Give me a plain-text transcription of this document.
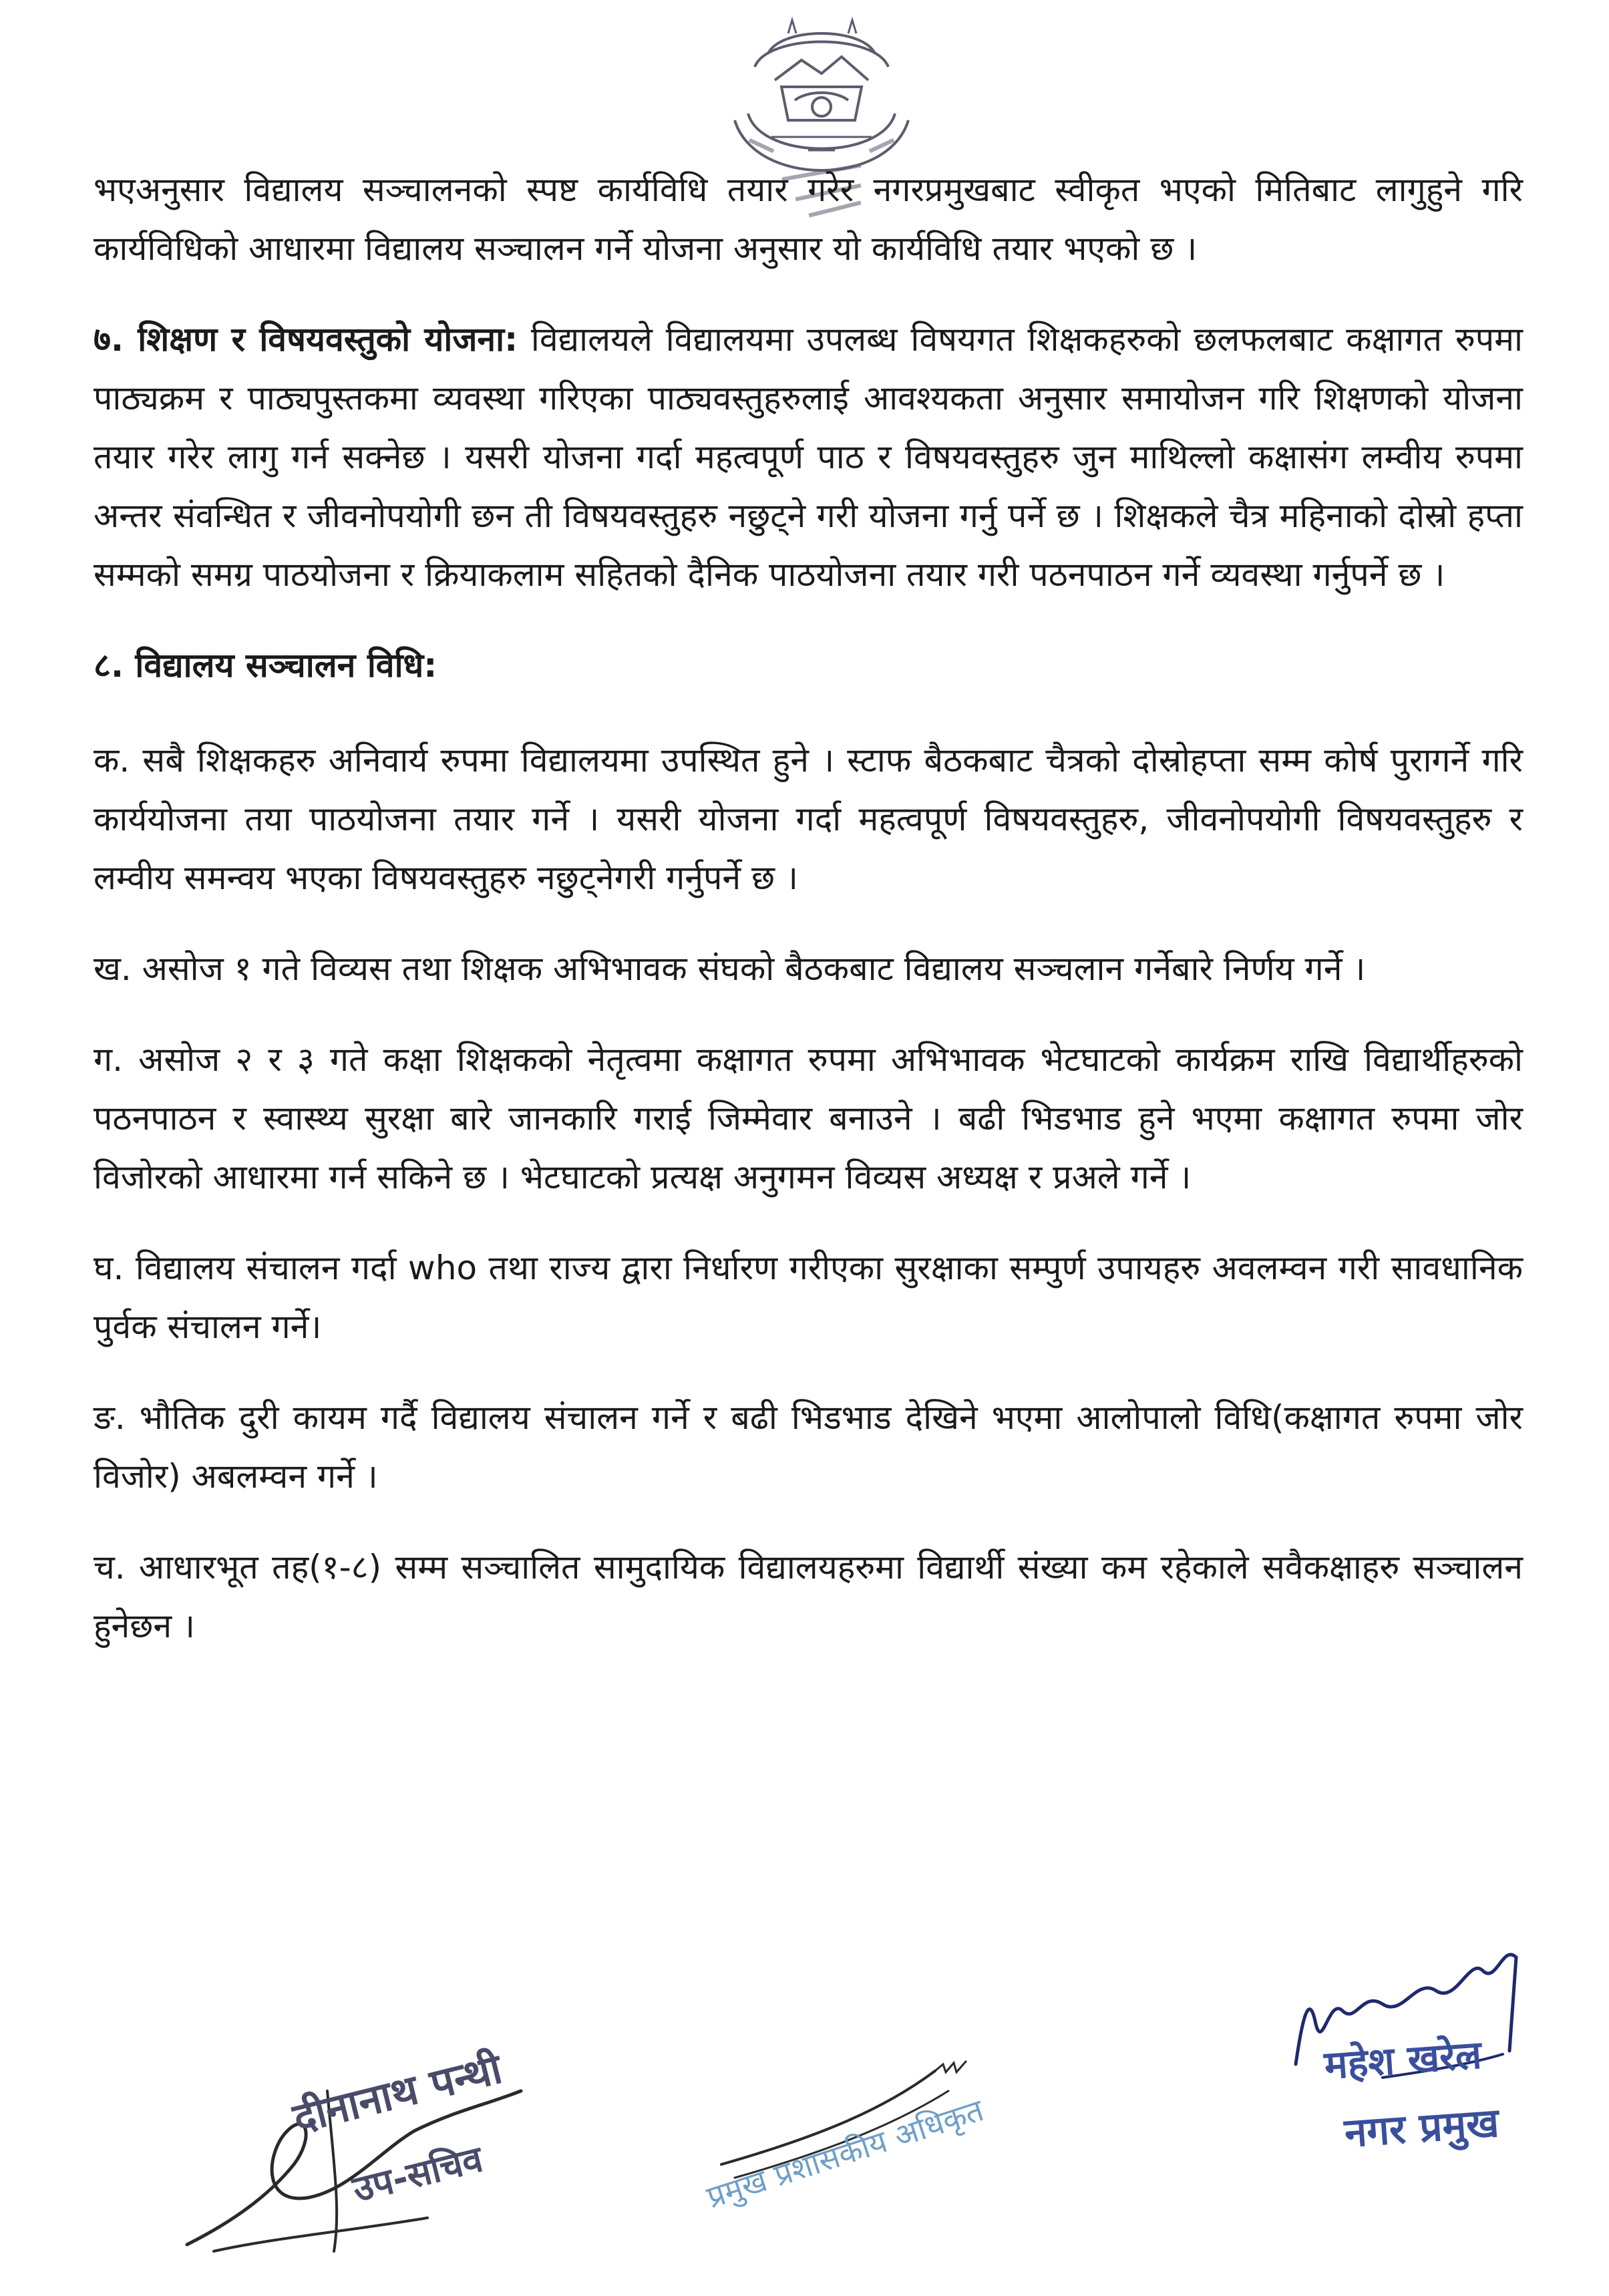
भएअनुसार विद्यालय सञ्चालनको स्पष्ट कार्यविधि तयार गरेर नगरप्रमुखबाट स्वीकृत भएको मितिबाट लागुहुने गरि कार्यविधिको आधारमा विद्यालय सञ्चालन गर्ने योजना अनुसार यो कार्यविधि तयार भएको छ ।

७. शिक्षण र विषयवस्तुको योजना: विद्यालयले विद्यालयमा उपलब्ध विषयगत शिक्षकहरुको छलफलबाट कक्षागत रुपमा पाठ्यक्रम र पाठ्यपुस्तकमा व्यवस्था गरिएका पाठ्यवस्तुहरुलाई आवश्यकता अनुसार समायोजन गरि शिक्षणको योजना तयार गरेर लागु गर्न सक्नेछ । यसरी योजना गर्दा महत्वपूर्ण पाठ र विषयवस्तुहरु जुन माथिल्लो कक्षासंग लम्वीय रुपमा अन्तर संवन्धित र जीवनोपयोगी छन ती विषयवस्तुहरु नछुट्ने गरी योजना गर्नु पर्ने छ । शिक्षकले चैत्र महिनाको दोस्रो हप्ता सम्मको समग्र पाठयोजना र क्रियाकलाम सहितको दैनिक पाठयोजना तयार गरी पठनपाठन गर्ने व्यवस्था गर्नुपर्ने छ ।

८. विद्यालय सञ्चालन विधि:

क. सबै शिक्षकहरु अनिवार्य रुपमा विद्यालयमा उपस्थित हुने । स्टाफ बैठकबाट चैत्रको दोस्रोहप्ता सम्म कोर्ष पुरागर्ने गरि कार्ययोजना तया पाठयोजना तयार गर्ने । यसरी योजना गर्दा महत्वपूर्ण विषयवस्तुहरु, जीवनोपयोगी विषयवस्तुहरु र लम्वीय समन्वय भएका विषयवस्तुहरु नछुट्नेगरी गर्नुपर्ने छ ।

ख. असोज १ गते विव्यस तथा शिक्षक अभिभावक संघको बैठकबाट विद्यालय सञ्चलान गर्नेबारे निर्णय गर्ने ।

ग. असोज २ र ३ गते कक्षा शिक्षकको नेतृत्वमा कक्षागत रुपमा अभिभावक भेटघाटको कार्यक्रम राखि विद्यार्थीहरुको पठनपाठन र स्वास्थ्य सुरक्षा बारे जानकारि गराई जिम्मेवार बनाउने । बढी भिडभाड हुने भएमा कक्षागत रुपमा जोर विजोरको आधारमा गर्न सकिने छ । भेटघाटको प्रत्यक्ष अनुगमन विव्यस अध्यक्ष र प्रअले गर्ने ।

घ. विद्यालय संचालन गर्दा who तथा राज्य द्वारा निर्धारण गरीएका सुरक्षाका सम्पुर्ण उपायहरु अवलम्वन गरी सावधानिक पुर्वक संचालन गर्ने।

ङ. भौतिक दुरी कायम गर्दै विद्यालय संचालन गर्ने र बढी भिडभाड देखिने भएमा आलोपालो विधि(कक्षागत रुपमा जोर विजोर) अबलम्वन गर्ने ।

च. आधारभूत तह(१-८) सम्म सञ्चालित सामुदायिक विद्यालयहरुमा विद्यार्थी संख्या कम रहेकाले सवैकक्षाहरु सञ्चालन हुनेछन ।

दीनानाथ पन्थी
उप-सचिव	प्रमुख प्रशासकीय अधिकृत
महेश खरेल
नगर प्रमुख
